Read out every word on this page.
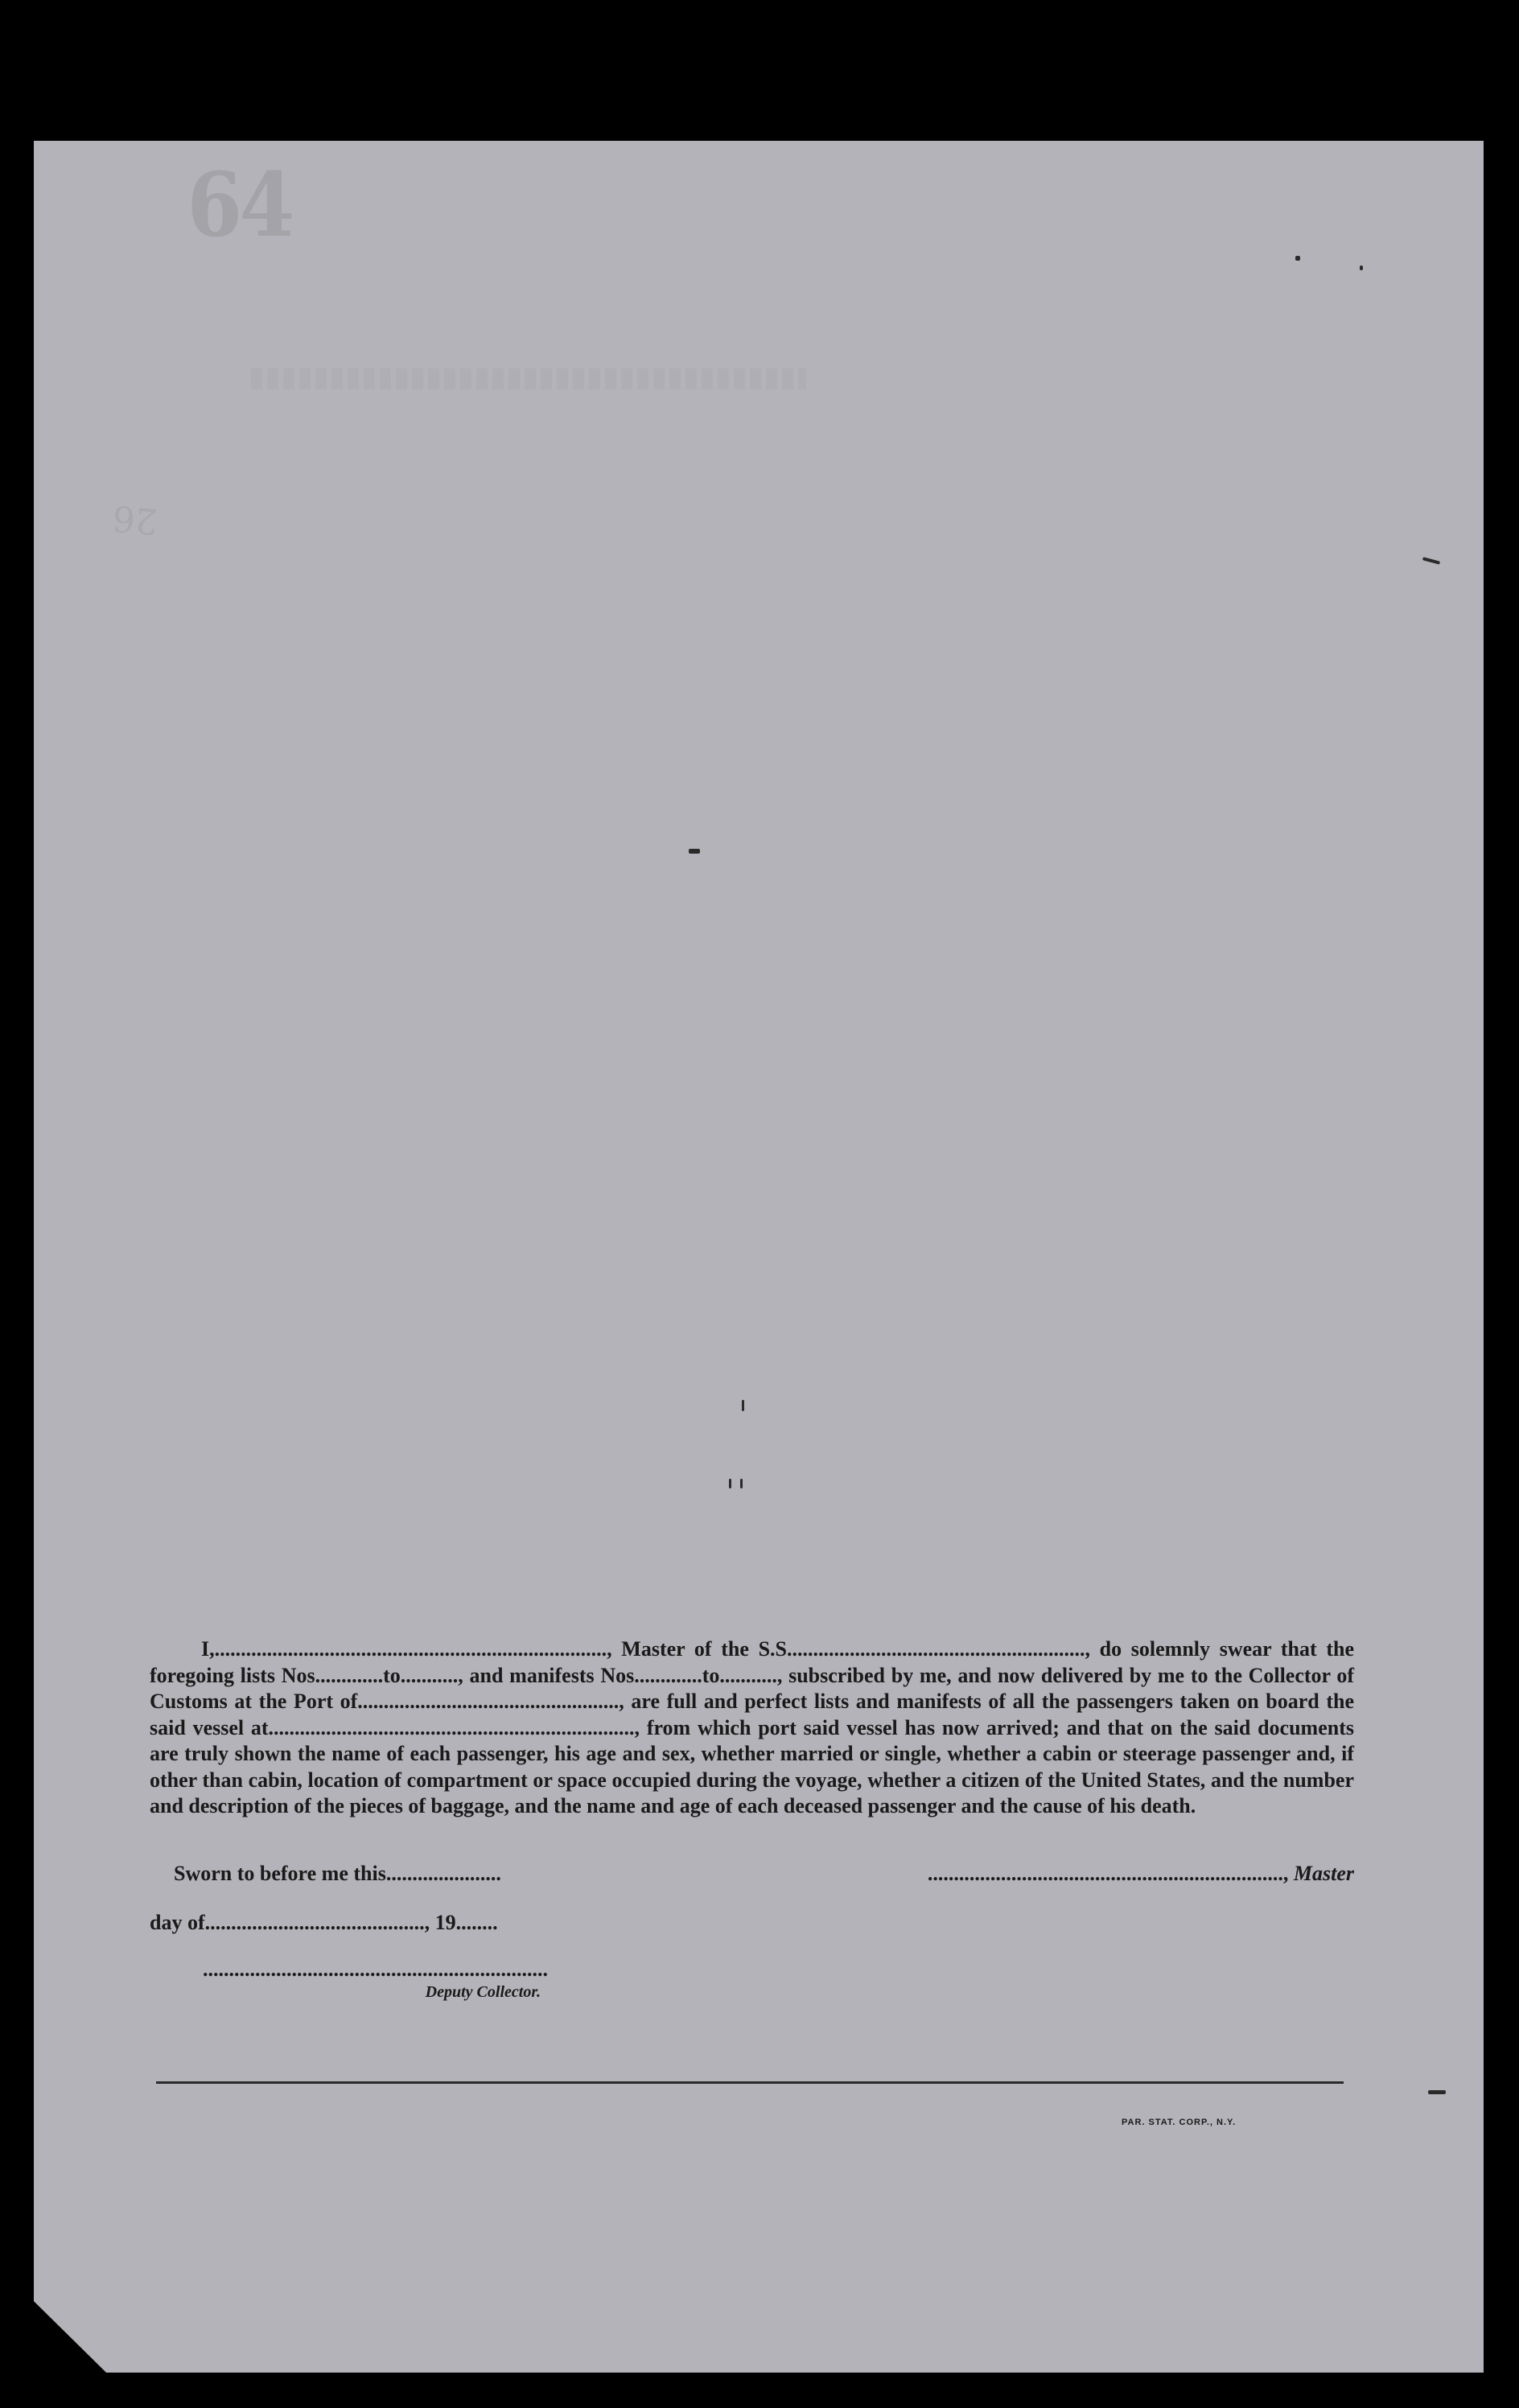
64
26

I,..........................................................................., Master of the S.S........................................................., do solemnly swear that the foregoing lists Nos.............to..........., and manifests Nos.............to..........., subscribed by me, and now delivered by me to the Collector of Customs at the Port of.................................................., are full and perfect lists and manifests of all the passengers taken on board the said vessel at......................................................................, from which port said vessel has now arrived; and that on the said documents are truly shown the name of each passenger, his age and sex, whether married or single, whether a cabin or steerage passenger and, if other than cabin, location of compartment or space occupied during the voyage, whether a citizen of the United States, and the number and description of the pieces of baggage, and the name and age of each deceased passenger and the cause of his death.

Sworn to before me this......................	...................................................................., Master
day of.........................................., 19........
..................................................................
Deputy Collector.
PAR. STAT. CORP., N.Y.
